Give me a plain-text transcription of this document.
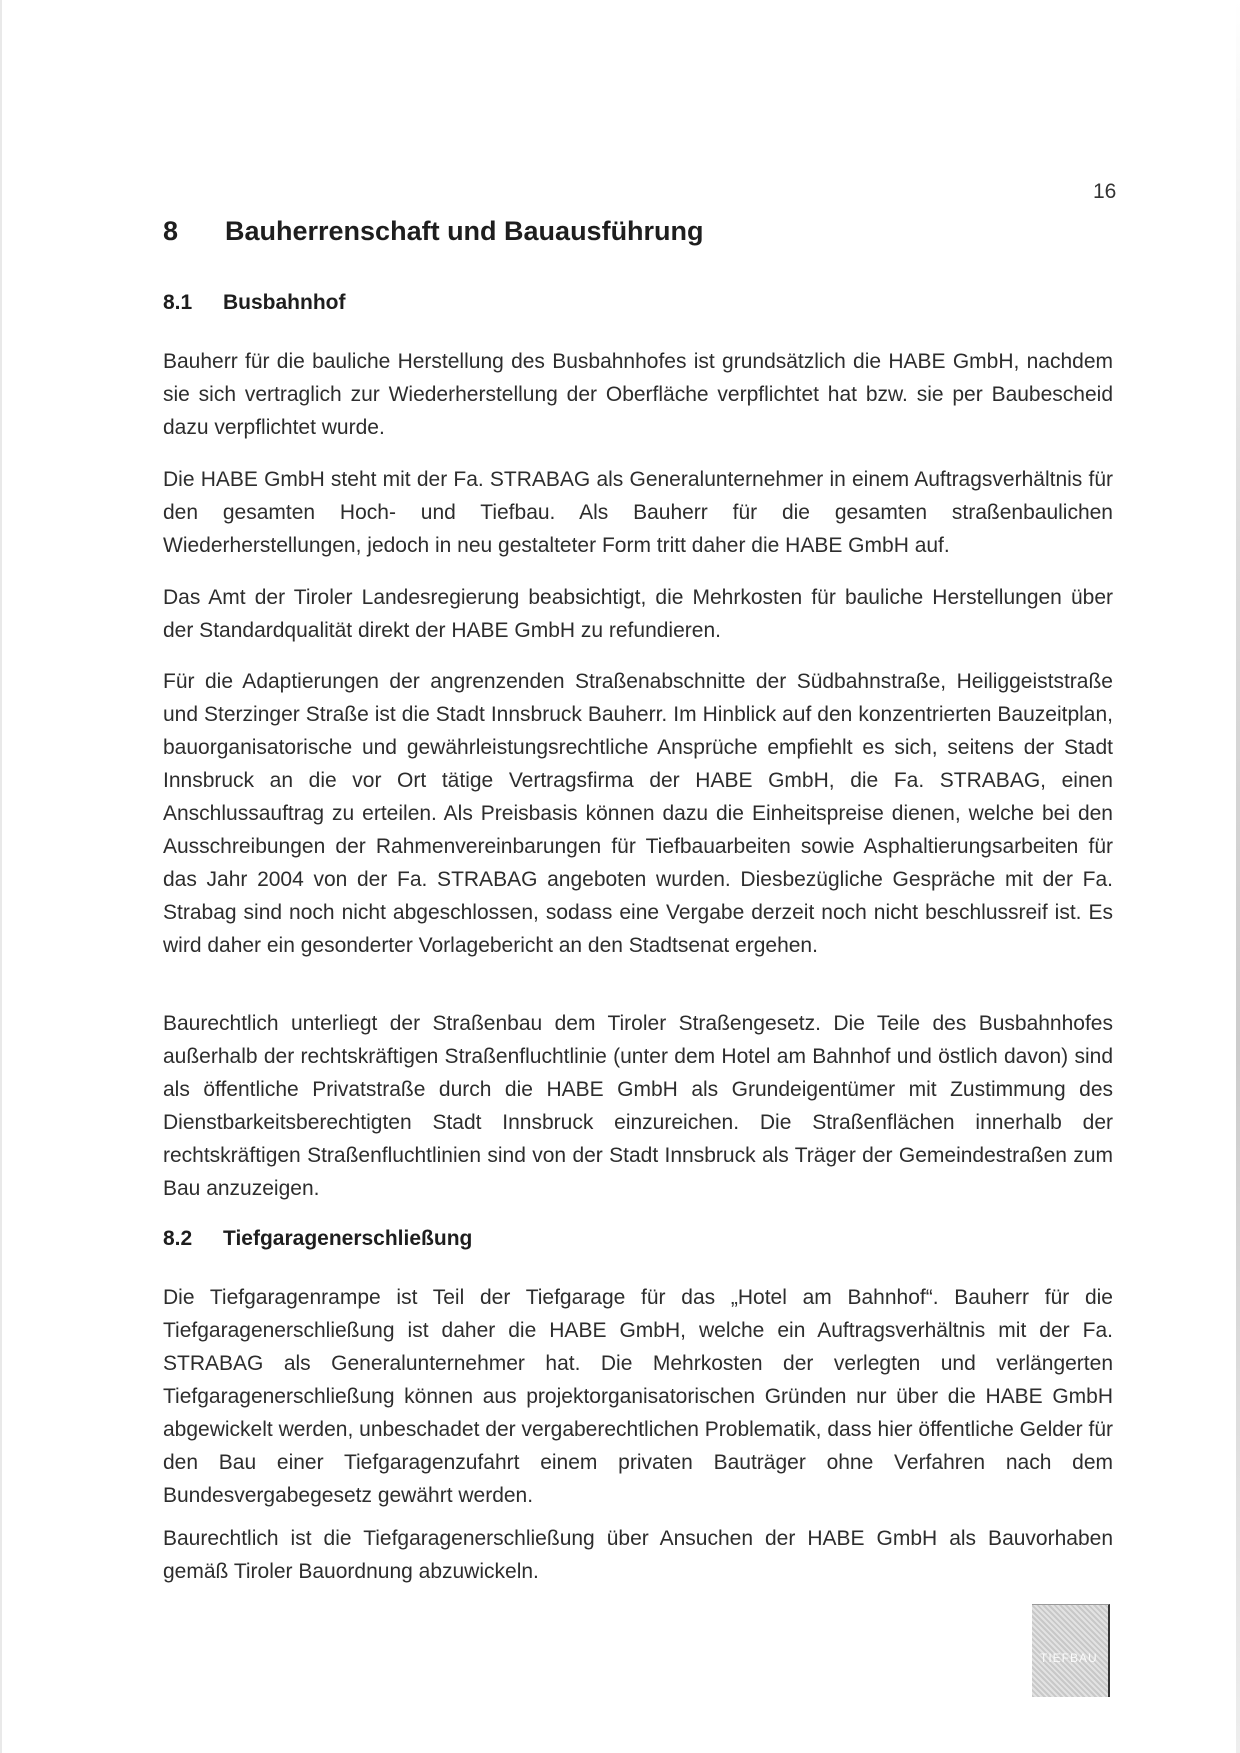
16
8 Bauherrenschaft und Bauausführung
8.1 Busbahnhof

Bauherr für die bauliche Herstellung des Busbahnhofes ist grundsätzlich die HABE GmbH, nachdem sie sich vertraglich zur Wiederherstellung der Oberfläche verpflichtet hat bzw. sie per Baubescheid dazu verpflichtet wurde.

Die HABE GmbH steht mit der Fa. STRABAG als Generalunternehmer in einem Auftragsverhältnis für den gesamten Hoch- und Tiefbau. Als Bauherr für die gesamten straßenbaulichen Wiederherstellungen, jedoch in neu gestalteter Form tritt daher die HABE GmbH auf.

Das Amt der Tiroler Landesregierung beabsichtigt, die Mehrkosten für bauliche Herstellungen über der Standardqualität direkt der HABE GmbH zu refundieren.

Für die Adaptierungen der angrenzenden Straßenabschnitte der Südbahnstraße, Heiliggeiststraße und Sterzinger Straße ist die Stadt Innsbruck Bauherr. Im Hinblick auf den konzentrierten Bauzeitplan, bauorganisatorische und gewährleistungsrechtliche Ansprüche empfiehlt es sich, seitens der Stadt Innsbruck an die vor Ort tätige Vertragsfirma der HABE GmbH, die Fa. STRABAG, einen Anschlussauftrag zu erteilen. Als Preisbasis können dazu die Einheitspreise dienen, welche bei den Ausschreibungen der Rahmenvereinbarungen für Tiefbauarbeiten sowie Asphaltierungsarbeiten für das Jahr 2004 von der Fa. STRABAG angeboten wurden. Diesbezügliche Gespräche mit der Fa. Strabag sind noch nicht abgeschlossen, sodass eine Vergabe derzeit noch nicht beschlussreif ist. Es wird daher ein gesonderter Vorlagebericht an den Stadtsenat ergehen.

Baurechtlich unterliegt der Straßenbau dem Tiroler Straßengesetz. Die Teile des Busbahnhofes außerhalb der rechtskräftigen Straßenfluchtlinie (unter dem Hotel am Bahnhof und östlich davon) sind als öffentliche Privatstraße durch die HABE GmbH als Grundeigentümer mit Zustimmung des Dienstbarkeitsberechtigten Stadt Innsbruck einzureichen. Die Straßenflächen innerhalb der rechtskräftigen Straßenfluchtlinien sind von der Stadt Innsbruck als Träger der Gemeindestraßen zum Bau anzuzeigen.

8.2 Tiefgaragenerschließung

Die Tiefgaragenrampe ist Teil der Tiefgarage für das „Hotel am Bahnhof“. Bauherr für die Tiefgaragenerschließung ist daher die HABE GmbH, welche ein Auftragsverhältnis mit der Fa. STRABAG als Generalunternehmer hat. Die Mehrkosten der verlegten und verlängerten Tiefgaragenerschließung können aus projektorganisatorischen Gründen nur über die HABE GmbH abgewickelt werden, unbeschadet der vergaberechtlichen Problematik, dass hier öffentliche Gelder für den Bau einer Tiefgaragenzufahrt einem privaten Bauträger ohne Verfahren nach dem Bundesvergabegesetz gewährt werden.

Baurechtlich ist die Tiefgaragenerschließung über Ansuchen der HABE GmbH als Bauvorhaben gemäß Tiroler Bauordnung abzuwickeln.

TIEFBAU
